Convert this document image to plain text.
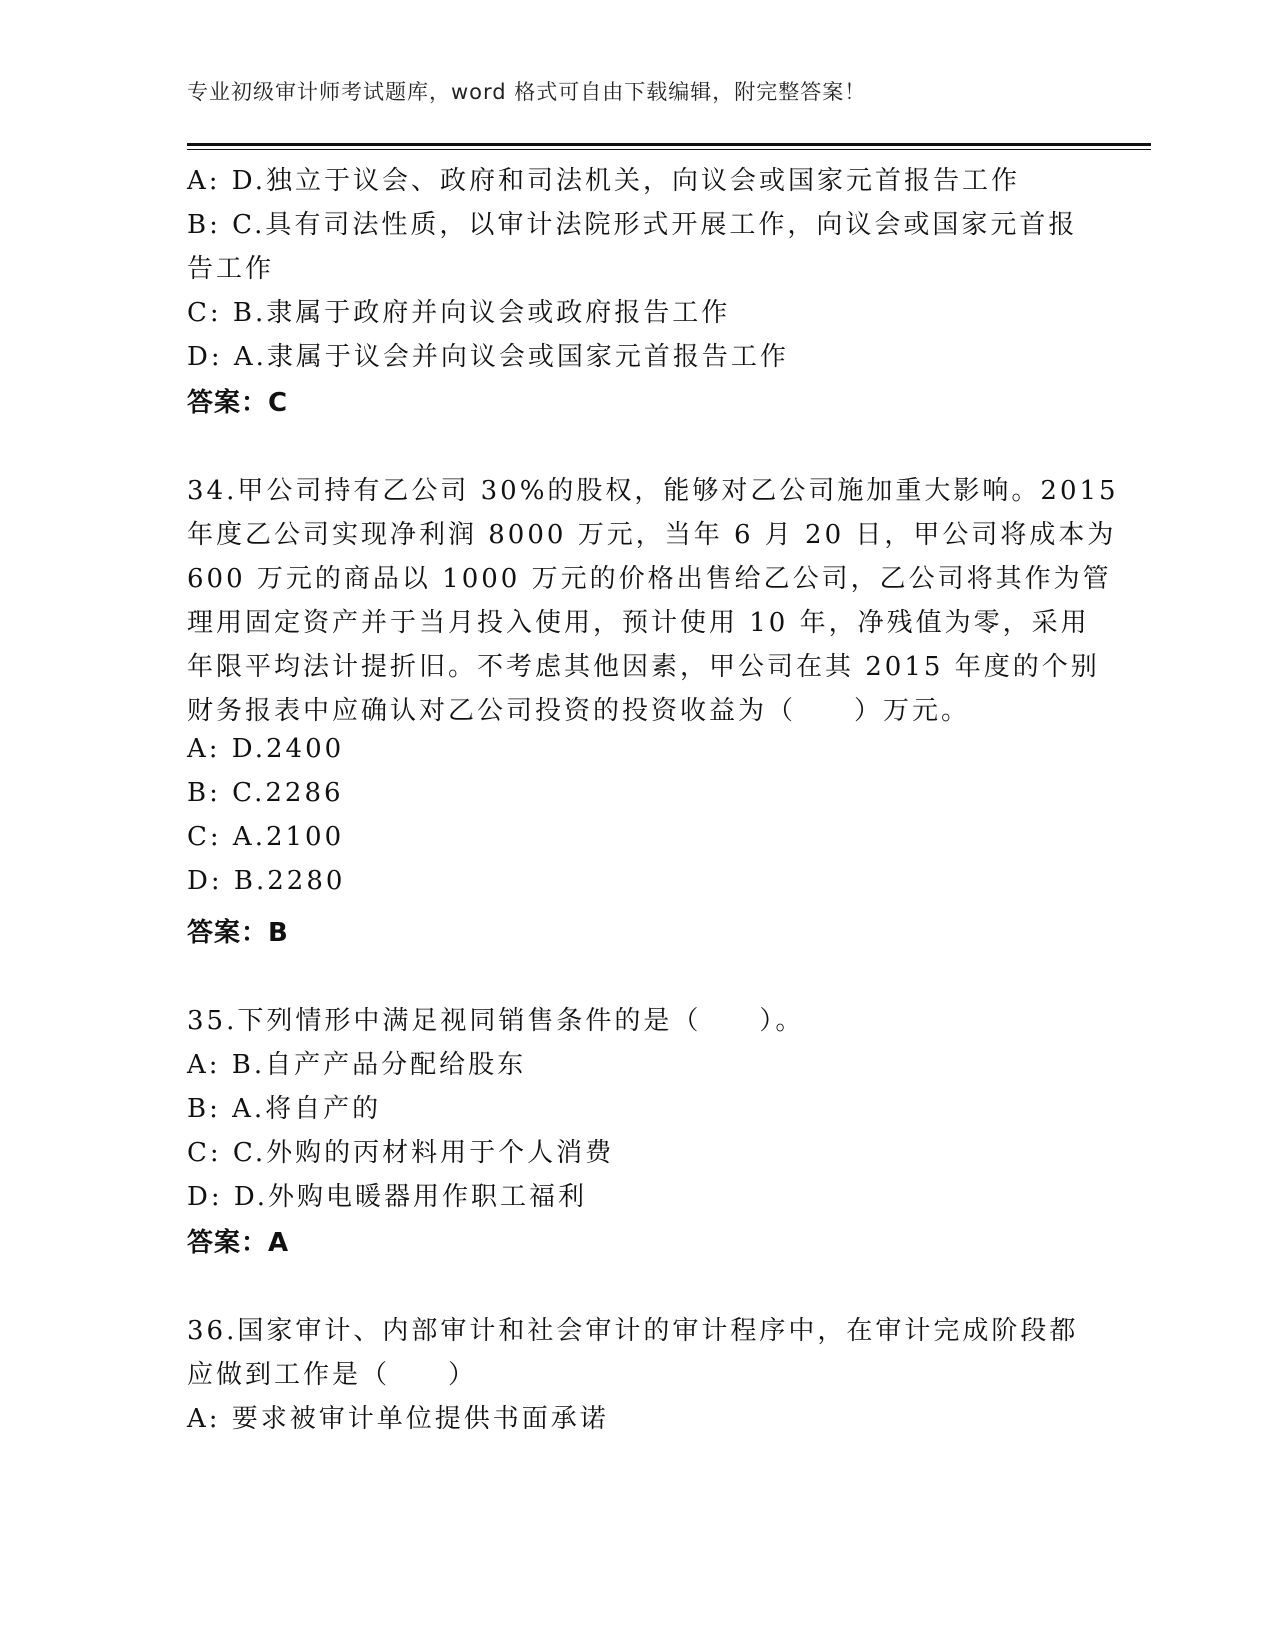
专业初级审计师考试题库，word 格式可自由下载编辑，附完整答案！
A: D.独立于议会、政府和司法机关，向议会或国家元首报告工作
B: C.具有司法性质，以审计法院形式开展工作，向议会或国家元首报
告工作
C: B.隶属于政府并向议会或政府报告工作
D: A.隶属于议会并向议会或国家元首报告工作
答案：C
34.甲公司持有乙公司 30%的股权，能够对乙公司施加重大影响。2015
年度乙公司实现净利润 8000 万元，当年 6 月 20 日，甲公司将成本为
600 万元的商品以 1000 万元的价格出售给乙公司，乙公司将其作为管
理用固定资产并于当月投入使用，预计使用 10 年，净残值为零，采用
年限平均法计提折旧。不考虑其他因素，甲公司在其 2015 年度的个别
财务报表中应确认对乙公司投资的投资收益为（　　）万元。
A: D.2400
B: C.2286
C: A.2100
D: B.2280
答案：B
35.下列情形中满足视同销售条件的是（　　）。
A: B.自产产品分配给股东
B: A.将自产的
C: C.外购的丙材料用于个人消费
D: D.外购电暖器用作职工福利
答案：A
36.国家审计、内部审计和社会审计的审计程序中，在审计完成阶段都
应做到工作是（　　）
A: 要求被审计单位提供书面承诺
